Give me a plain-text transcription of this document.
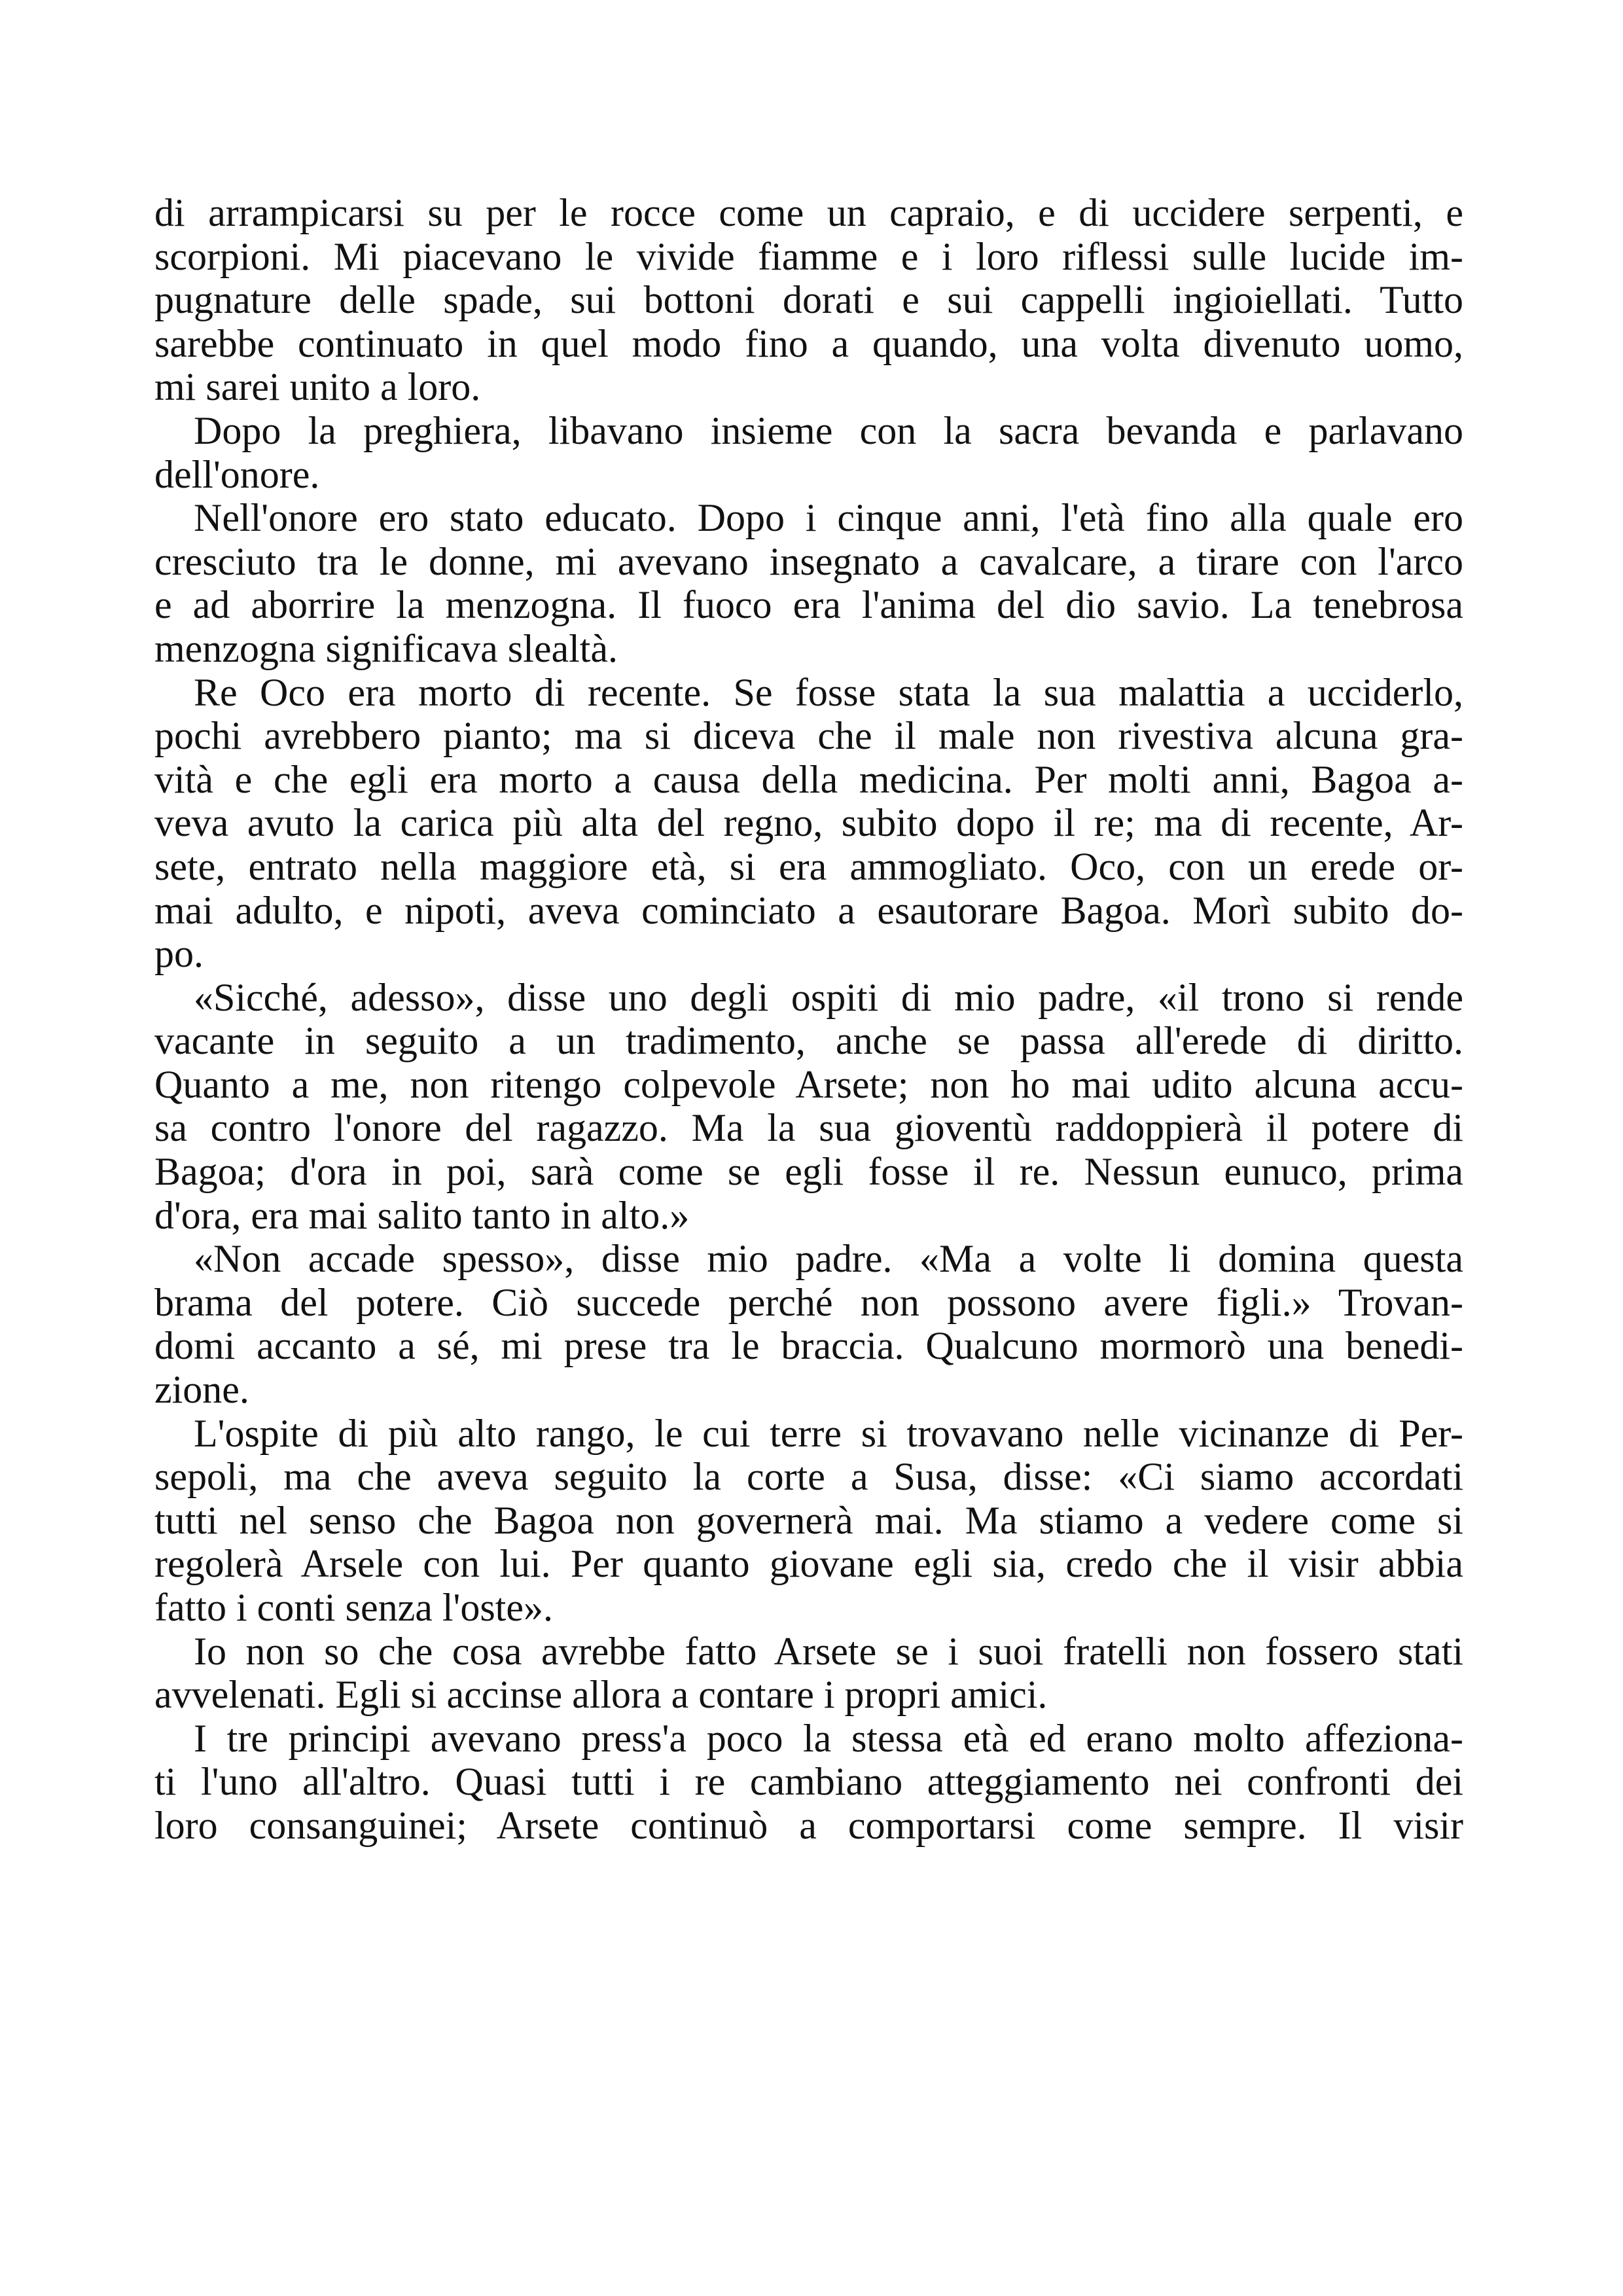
di arrampicarsi su per le rocce come un capraio, e di uccidere serpenti, e
scorpioni. Mi piacevano le vivide fiamme e i loro riflessi sulle lucide im-
pugnature delle spade, sui bottoni dorati e sui cappelli ingioiellati. Tutto
sarebbe continuato in quel modo fino a quando, una volta divenuto uomo,
mi sarei unito a loro.
Dopo la preghiera, libavano insieme con la sacra bevanda e parlavano
dell'onore.
Nell'onore ero stato educato. Dopo i cinque anni, l'età fino alla quale ero
cresciuto tra le donne, mi avevano insegnato a cavalcare, a tirare con l'arco
e ad aborrire la menzogna. Il fuoco era l'anima del dio savio. La tenebrosa
menzogna significava slealtà.
Re Oco era morto di recente. Se fosse stata la sua malattia a ucciderlo,
pochi avrebbero pianto; ma si diceva che il male non rivestiva alcuna gra-
vità e che egli era morto a causa della medicina. Per molti anni, Bagoa a-
veva avuto la carica più alta del regno, subito dopo il re; ma di recente, Ar-
sete, entrato nella maggiore età, si era ammogliato. Oco, con un erede or-
mai adulto, e nipoti, aveva cominciato a esautorare Bagoa. Morì subito do-
po.
«Sicché, adesso», disse uno degli ospiti di mio padre, «il trono si rende
vacante in seguito a un tradimento, anche se passa all'erede di diritto.
Quanto a me, non ritengo colpevole Arsete; non ho mai udito alcuna accu-
sa contro l'onore del ragazzo. Ma la sua gioventù raddoppierà il potere di
Bagoa; d'ora in poi, sarà come se egli fosse il re. Nessun eunuco, prima
d'ora, era mai salito tanto in alto.»
«Non accade spesso», disse mio padre. «Ma a volte li domina questa
brama del potere. Ciò succede perché non possono avere figli.» Trovan-
domi accanto a sé, mi prese tra le braccia. Qualcuno mormorò una benedi-
zione.
L'ospite di più alto rango, le cui terre si trovavano nelle vicinanze di Per-
sepoli, ma che aveva seguito la corte a Susa, disse: «Ci siamo accordati
tutti nel senso che Bagoa non governerà mai. Ma stiamo a vedere come si
regolerà Arsele con lui. Per quanto giovane egli sia, credo che il visir abbia
fatto i conti senza l'oste».
Io non so che cosa avrebbe fatto Arsete se i suoi fratelli non fossero stati
avvelenati. Egli si accinse allora a contare i propri amici.
I tre principi avevano press'a poco la stessa età ed erano molto affeziona-
ti l'uno all'altro. Quasi tutti i re cambiano atteggiamento nei confronti dei
loro consanguinei; Arsete continuò a comportarsi come sempre. Il visir
